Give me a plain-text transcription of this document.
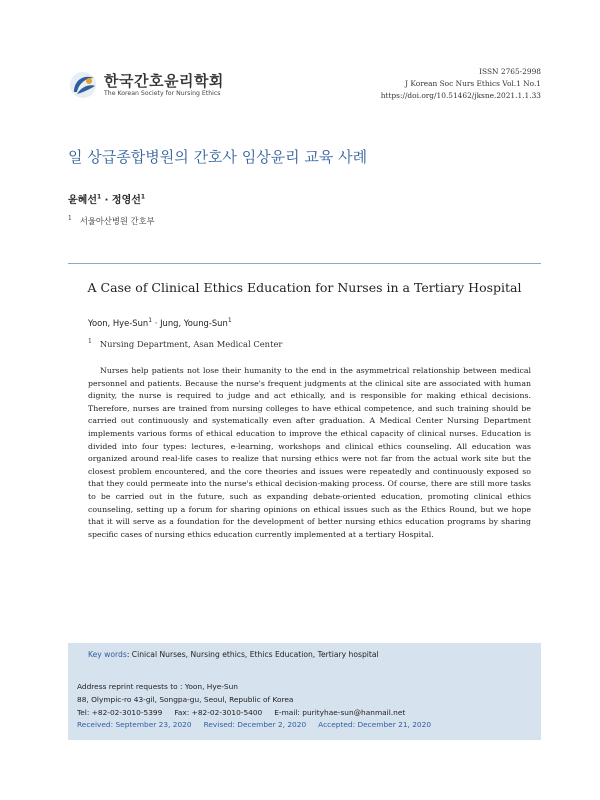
한국간호윤리학회
The Korean Society for Nursing Ethics
ISSN 2765-2998
J Korean Soc Nurs Ethics Vol.1 No.1
https://doi.org/10.51462/jksne.2021.1.1.33
일 상급종합병원의 간호사 임상윤리 교육 사례
윤혜선$^1$ · 정영선$^1$
$^1$ 서울아산병원 간호부
A Case of Clinical Ethics Education for Nurses in a Tertiary Hospital
Yoon, Hye-Sun$^1$ · Jung, Young-Sun$^1$
$^1$ Nursing Department, Asan Medical Center

Nurses help patients not lose their humanity to the end in the asymmetrical relationship between medical personnel and patients. Because the nurse's frequent judgments at the clinical site are associated with human dignity, the nurse is required to judge and act ethically, and is responsible for making ethical decisions. Therefore, nurses are trained from nursing colleges to have ethical competence, and such training should be carried out continuously and systematically even after graduation. A Medical Center Nursing Department implements various forms of ethical education to improve the ethical capacity of clinical nurses. Education is divided into four types: lectures, e-learning, workshops and clinical ethics counseling. All education was organized around real-life cases to realize that nursing ethics were not far from the actual work site but the closest problem encountered, and the core theories and issues were repeatedly and continuously exposed so that they could permeate into the nurse's ethical decision-making process. Of course, there are still more tasks to be carried out in the future, such as expanding debate-oriented education, promoting clinical ethics counseling, setting up a forum for sharing opinions on ethical issues such as the Ethics Round, but we hope that it will serve as a foundation for the development of better nursing ethics education programs by sharing specific cases of nursing ethics education currently implemented at a tertiary Hospital.

Key words: Cinical Nurses, Nursing ethics, Ethics Education, Tertiary hospital
Address reprint requests to : Yoon, Hye-Sun
88, Olympic-ro 43-gil, Songpa-gu, Seoul, Republic of Korea
Tel: +82-02-3010-5399 Fax: +82-02-3010-5400 E-mail: purityhae-sun@hanmail.net
Received: September 23, 2020 Revised: December 2, 2020 Accepted: December 21, 2020
